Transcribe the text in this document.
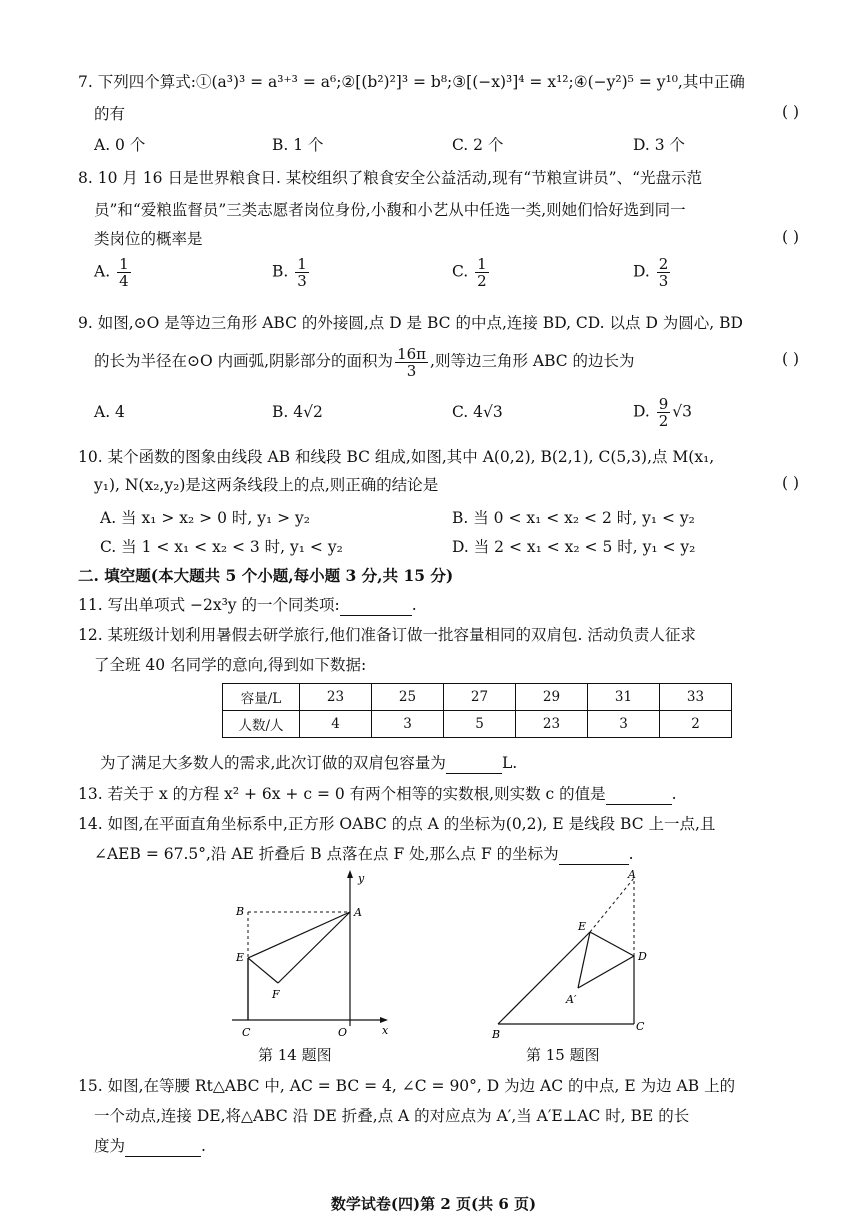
7. 下列四个算式:①(a³)³ = a³⁺³ = a⁶;②[(b²)²]³ = b⁸;③[(−x)³]⁴ = x¹²;④(−y²)⁵ = y¹⁰,其中正确
的有	( )
A. 0 个	B. 1 个	C. 2 个	D. 3 个
8. 10 月 16 日是世界粮食日. 某校组织了粮食安全公益活动,现有“节粮宣讲员”、“光盘示范
员”和“爱粮监督员”三类志愿者岗位身份,小馥和小艺从中任选一类,则她们恰好选到同一
类岗位的概率是	( )
A. $\frac{1}{4}$	B. $\frac{1}{3}$	C. $\frac{1}{2}$	D. $\frac{2}{3}$
9. 如图,⊙O 是等边三角形 ABC 的外接圆,点 D 是 BC 的中点,连接 BD, CD. 以点 D 为圆心, BD
的长为半径在⊙O 内画弧,阴影部分的面积为 $\frac{16\pi}{3}$ ,则等边三角形 ABC 的边长为	( )
A. 4	B. 4√2	C. 4√3	D. $\frac{9}{2} √3$
10. 某个函数的图象由线段 AB 和线段 BC 组成,如图,其中 A(0,2), B(2,1), C(5,3),点 M(x₁,
y₁), N(x₂,y₂)是这两条线段上的点,则正确的结论是	( )
A. 当 x₁ > x₂ > 0 时, y₁ > y₂	B. 当 0 < x₁ < x₂ < 2 时, y₁ < y₂
C. 当 1 < x₁ < x₂ < 3 时, y₁ < y₂	D. 当 2 < x₁ < x₂ < 5 时, y₁ < y₂
二. 填空题(本大题共 5 个小题,每小题 3 分,共 15 分)
11. 写出单项式 −2x³y 的一个同类项:	.
12. 某班级计划利用暑假去研学旅行,他们准备订做一批容量相同的双肩包. 活动负责人征求
了全班 40 名同学的意向,得到如下数据:
容量/L	23	25	27	29	31	33
人数/人	4	3	5	23	3	2
为了满足大多数人的需求,此次订做的双肩包容量为	L.
13. 若关于 x 的方程 x² + 6x + c = 0 有两个相等的实数根,则实数 c 的值是	.
14. 如图,在平面直角坐标系中,正方形 OABC 的点 A 的坐标为(0,2), E 是线段 BC 上一点,且
∠AEB = 67.5°,沿 AE 折叠后 B 点落在点 F 处,那么点 F 的坐标为	.
y
x
B	A
E
F
C	O
第 14 题图
A
E
D
A′
B
C
第 15 题图
15. 如图,在等腰 Rt△ABC 中, AC = BC = 4, ∠C = 90°, D 为边 AC 的中点, E 为边 AB 上的
一个动点,连接 DE,将△ABC 沿 DE 折叠,点 A 的对应点为 A′,当 A′E⊥AC 时, BE 的长
度为	.
数学试卷(四)第 2 页(共 6 页)
